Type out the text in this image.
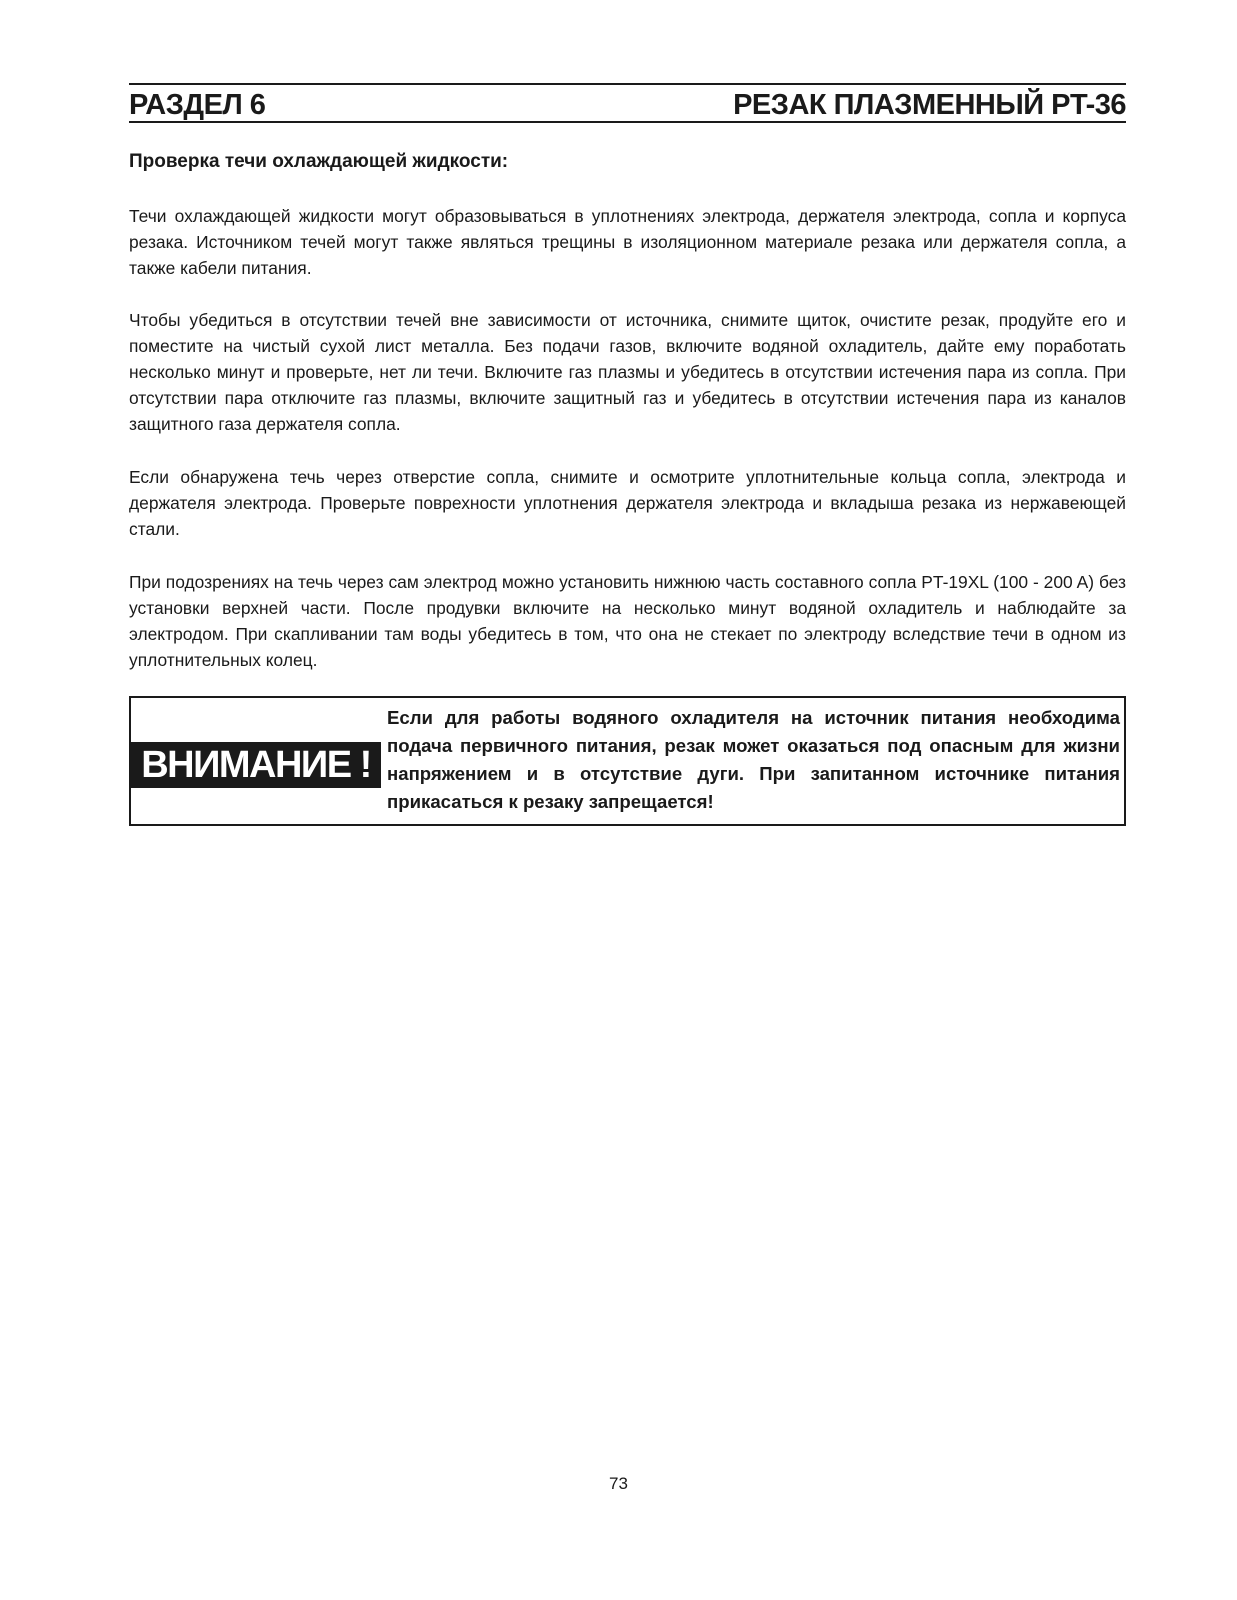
РАЗДЕЛ 6	РЕЗАК ПЛАЗМЕННЫЙ PT-36
Проверка течи охлаждающей жидкости:

Течи охлаждающей жидкости могут образовываться в уплотнениях электрода, держателя электрода, сопла и корпуса резака. Источником течей могут также являться трещины в изоляционном материале резака или держателя сопла, а также кабели питания.

Чтобы убедиться в отсутствии течей вне зависимости от источника, снимите щиток, очистите резак, продуйте его и поместите на чистый сухой лист металла. Без подачи газов, включите водяной охладитель, дайте ему поработать несколько минут и проверьте, нет ли течи. Включите газ плазмы и убедитесь в отсутствии истечения пара из сопла. При отсутствии пара отключите газ плазмы, включите защитный газ и убедитесь в отсутствии истечения пара из каналов защитного газа держателя сопла.

Если обнаружена течь через отверстие сопла, снимите и осмотрите уплотнительные кольца сопла, электрода и держателя электрода. Проверьте поврехности уплотнения держателя электрода и вкладыша резака из нержавеющей стали.

При подозрениях на течь через сам электрод можно установить нижнюю часть составного сопла PT-19XL (100 - 200 A) без установки верхней части. После продувки включите на несколько минут водяной охладитель и наблюдайте за электродом. При скапливании там воды убедитесь в том, что она не стекает по электроду вследствие течи в одном из уплотнительных колец.

ВНИМАНИЕ !

Если для работы водяного охладителя на источник питания необходима подача первичного питания, резак может оказаться под опасным для жизни напряжением и в отсутствие дуги. При запитанном источнике питания прикасаться к резаку запрещается!

73
